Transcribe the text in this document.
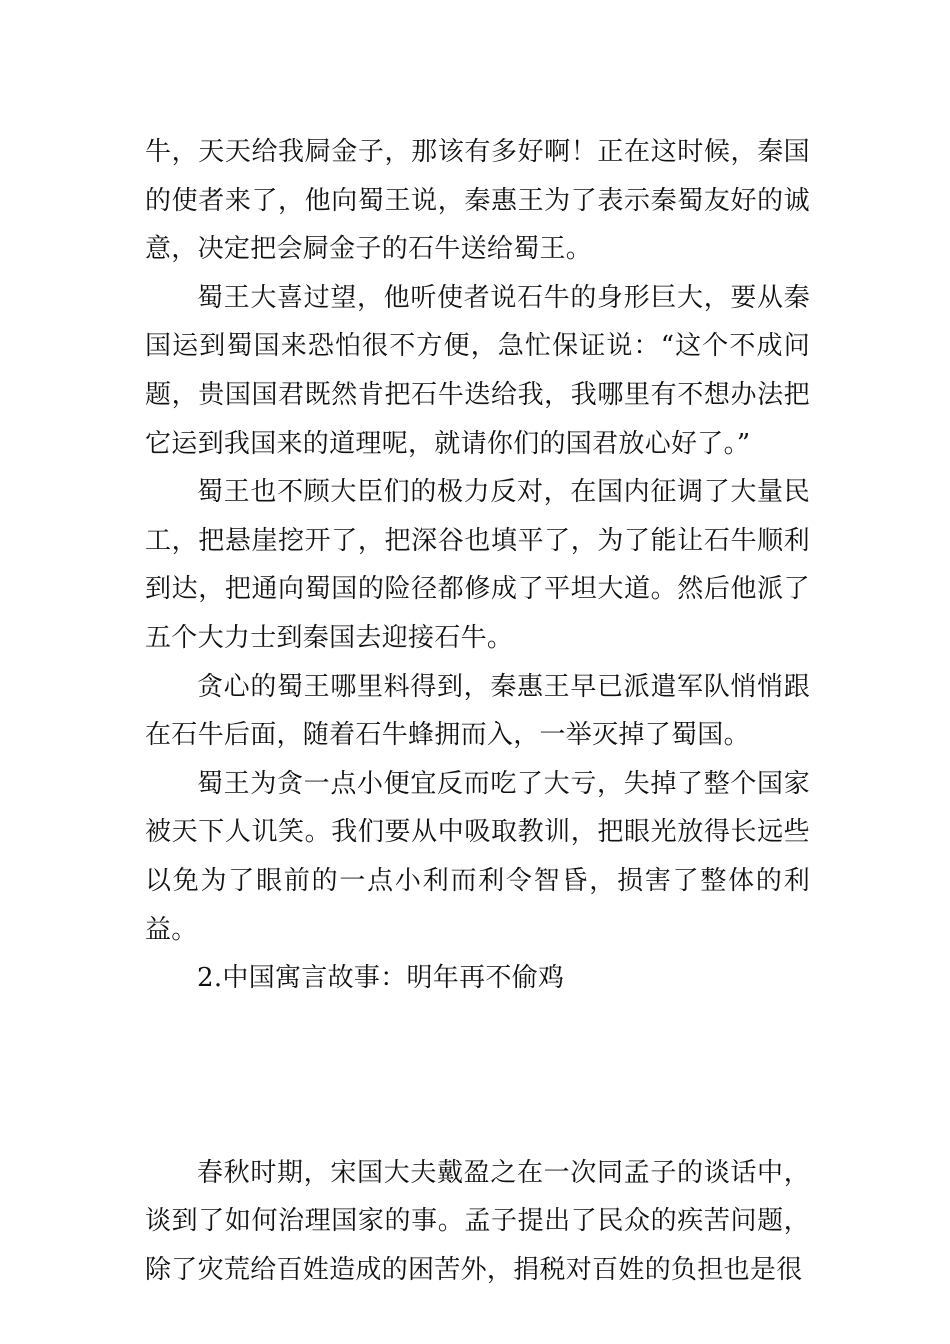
牛，天天给我屙金子，那该有多好啊！正在这时候，秦国的使者来了，他向蜀王说，秦惠王为了表示秦蜀友好的诚意，决定把会屙金子的石牛送给蜀王。

蜀王大喜过望，他听使者说石牛的身形巨大，要从秦国运到蜀国来恐怕很不方便，急忙保证说：“这个不成问题，贵国国君既然肯把石牛迭给我，我哪里有不想办法把它运到我国来的道理呢，就请你们的国君放心好了。”

蜀王也不顾大臣们的极力反对，在国内征调了大量民工，把悬崖挖开了，把深谷也填平了，为了能让石牛顺利到达，把通向蜀国的险径都修成了平坦大道。然后他派了五个大力士到秦国去迎接石牛。

贪心的蜀王哪里料得到，秦惠王早已派遣军队悄悄跟在石牛后面，随着石牛蜂拥而入，一举灭掉了蜀国。

蜀王为贪一点小便宜反而吃了大亏，失掉了整个国家被天下人讥笑。我们要从中吸取教训，把眼光放得长远些以免为了眼前的一点小利而利令智昏，损害了整体的利益。

2.中国寓言故事：明年再不偷鸡

春秋时期，宋国大夫戴盈之在一次同孟子的谈话中，谈到了如何治理国家的事。孟子提出了民众的疾苦问题，除了灾荒给百姓造成的困苦外，捐税对百姓的负担也是很
